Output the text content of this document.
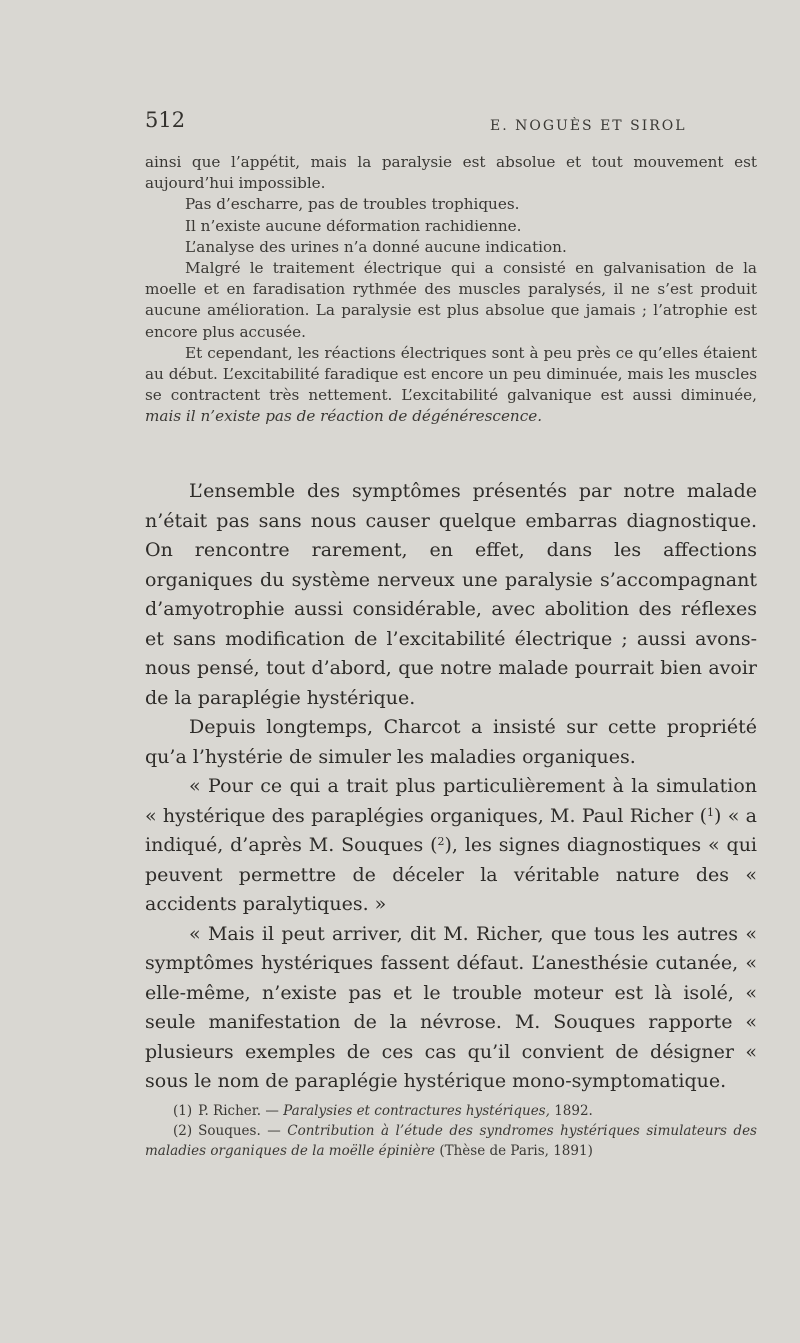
512	E. NOGUÈS ET SIROL

ainsi que l’appétit, mais la paralysie est absolue et tout mouvement est aujourd’hui impossible.

Pas d’escharre, pas de troubles trophiques.

Il n’existe aucune déformation rachidienne.

L’analyse des urines n’a donné aucune indication.

Malgré le traitement électrique qui a consisté en galvanisation de la moelle et en faradisation rythmée des muscles paralysés, il ne s’est produit aucune amélioration. La paralysie est plus absolue que jamais ; l’atrophie est encore plus accusée.

Et cependant, les réactions électriques sont à peu près ce qu’elles étaient au début. L’excitabilité faradique est encore un peu diminuée, mais les muscles se contractent très nettement. L’excitabilité galvanique est aussi diminuée, mais il n’existe pas de réaction de dégénérescence.

L’ensemble des symptômes présentés par notre malade n’était pas sans nous causer quelque embarras diagnostique. On rencontre rarement, en effet, dans les affections organiques du système nerveux une paralysie s’accompagnant d’amyotrophie aussi considérable, avec abolition des réflexes et sans modification de l’excitabilité électrique ; aussi avons-nous pensé, tout d’abord, que notre malade pourrait bien avoir de la paraplégie hystérique.

Depuis longtemps, Charcot a insisté sur cette propriété qu’a l’hystérie de simuler les maladies organiques.

« Pour ce qui a trait plus particulièrement à la simulation « hystérique des paraplégies organiques, M. Paul Richer ($^1$) « a indiqué, d’après M. Souques ($^2$), les signes diagnostiques « qui peuvent permettre de déceler la véritable nature des « accidents paralytiques. »

« Mais il peut arriver, dit M. Richer, que tous les autres « symptômes hystériques fassent défaut. L’anesthésie cutanée, « elle-même, n’existe pas et le trouble moteur est là isolé, « seule manifestation de la névrose. M. Souques rapporte « plusieurs exemples de ces cas qu’il convient de désigner « sous le nom de paraplégie hystérique mono-symptomatique.

(1) P. Richer. — Paralysies et contractures hystériques, 1892.

(2) Souques. — Contribution à l’étude des syndromes hystériques simulateurs des maladies organiques de la moëlle épinière (Thèse de Paris, 1891)
